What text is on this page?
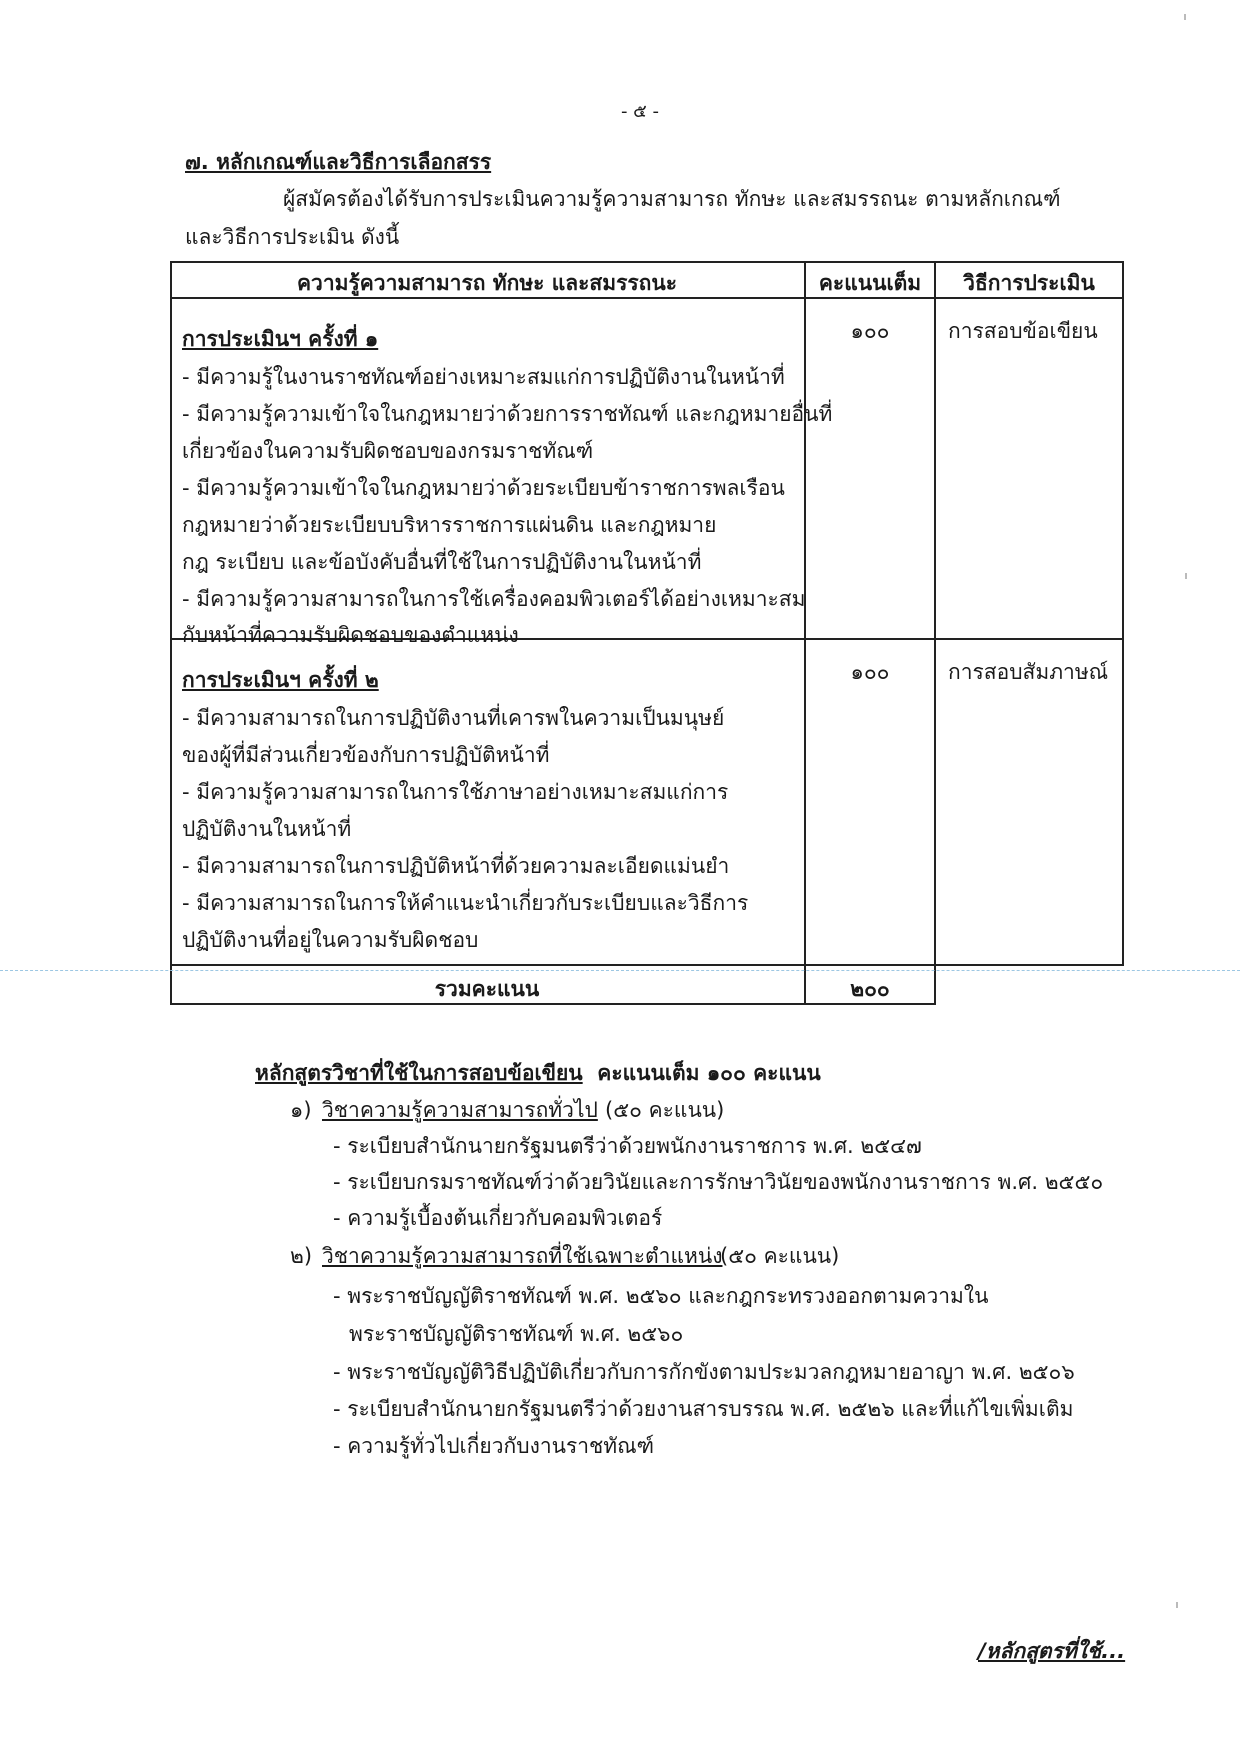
- ๕ -
๗. หลักเกณฑ์และวิธีการเลือกสรร
ผู้สมัครต้องได้รับการประเมินความรู้ความสามารถ ทักษะ และสมรรถนะ ตามหลักเกณฑ์
และวิธีการประเมิน ดังนี้
ความรู้ความสามารถ ทักษะ และสมรรถนะ	คะแนนเต็ม	วิธีการประเมิน
การประเมินฯ ครั้งที่ ๑
- มีความรู้ในงานราชทัณฑ์อย่างเหมาะสมแก่การปฏิบัติงานในหน้าที่
- มีความรู้ความเข้าใจในกฎหมายว่าด้วยการราชทัณฑ์ และกฎหมายอื่นที่
เกี่ยวข้องในความรับผิดชอบของกรมราชทัณฑ์
- มีความรู้ความเข้าใจในกฎหมายว่าด้วยระเบียบข้าราชการพลเรือน
กฎหมายว่าด้วยระเบียบบริหารราชการแผ่นดิน และกฎหมาย
กฎ ระเบียบ และข้อบังคับอื่นที่ใช้ในการปฏิบัติงานในหน้าที่
- มีความรู้ความสามารถในการใช้เครื่องคอมพิวเตอร์ได้อย่างเหมาะสม
กับหน้าที่ความรับผิดชอบของตำแหน่ง
๑๐๐	การสอบข้อเขียน
การประเมินฯ ครั้งที่ ๒
- มีความสามารถในการปฏิบัติงานที่เคารพในความเป็นมนุษย์
ของผู้ที่มีส่วนเกี่ยวข้องกับการปฏิบัติหน้าที่
- มีความรู้ความสามารถในการใช้ภาษาอย่างเหมาะสมแก่การ
ปฏิบัติงานในหน้าที่
- มีความสามารถในการปฏิบัติหน้าที่ด้วยความละเอียดแม่นยำ
- มีความสามารถในการให้คำแนะนำเกี่ยวกับระเบียบและวิธีการ
ปฏิบัติงานที่อยู่ในความรับผิดชอบ
๑๐๐	การสอบสัมภาษณ์
รวมคะแนน	๒๐๐
หลักสูตรวิชาที่ใช้ในการสอบข้อเขียน คะแนนเต็ม ๑๐๐ คะแนน
๑) วิชาความรู้ความสามารถทั่วไป (๕๐ คะแนน)
- ระเบียบสำนักนายกรัฐมนตรีว่าด้วยพนักงานราชการ พ.ศ. ๒๕๔๗
- ระเบียบกรมราชทัณฑ์ว่าด้วยวินัยและการรักษาวินัยของพนักงานราชการ พ.ศ. ๒๕๕๐
- ความรู้เบื้องต้นเกี่ยวกับคอมพิวเตอร์
๒) วิชาความรู้ความสามารถที่ใช้เฉพาะตำแหน่ง
(๕๐ คะแนน)
- พระราชบัญญัติราชทัณฑ์ พ.ศ. ๒๕๖๐ และกฎกระทรวงออกตามความใน
พระราชบัญญัติราชทัณฑ์ พ.ศ. ๒๕๖๐
- พระราชบัญญัติวิธีปฏิบัติเกี่ยวกับการกักขังตามประมวลกฎหมายอาญา พ.ศ. ๒๕๐๖
- ระเบียบสำนักนายกรัฐมนตรีว่าด้วยงานสารบรรณ พ.ศ. ๒๕๒๖ และที่แก้ไขเพิ่มเติม
- ความรู้ทั่วไปเกี่ยวกับงานราชทัณฑ์
/หลักสูตรที่ใช้...
